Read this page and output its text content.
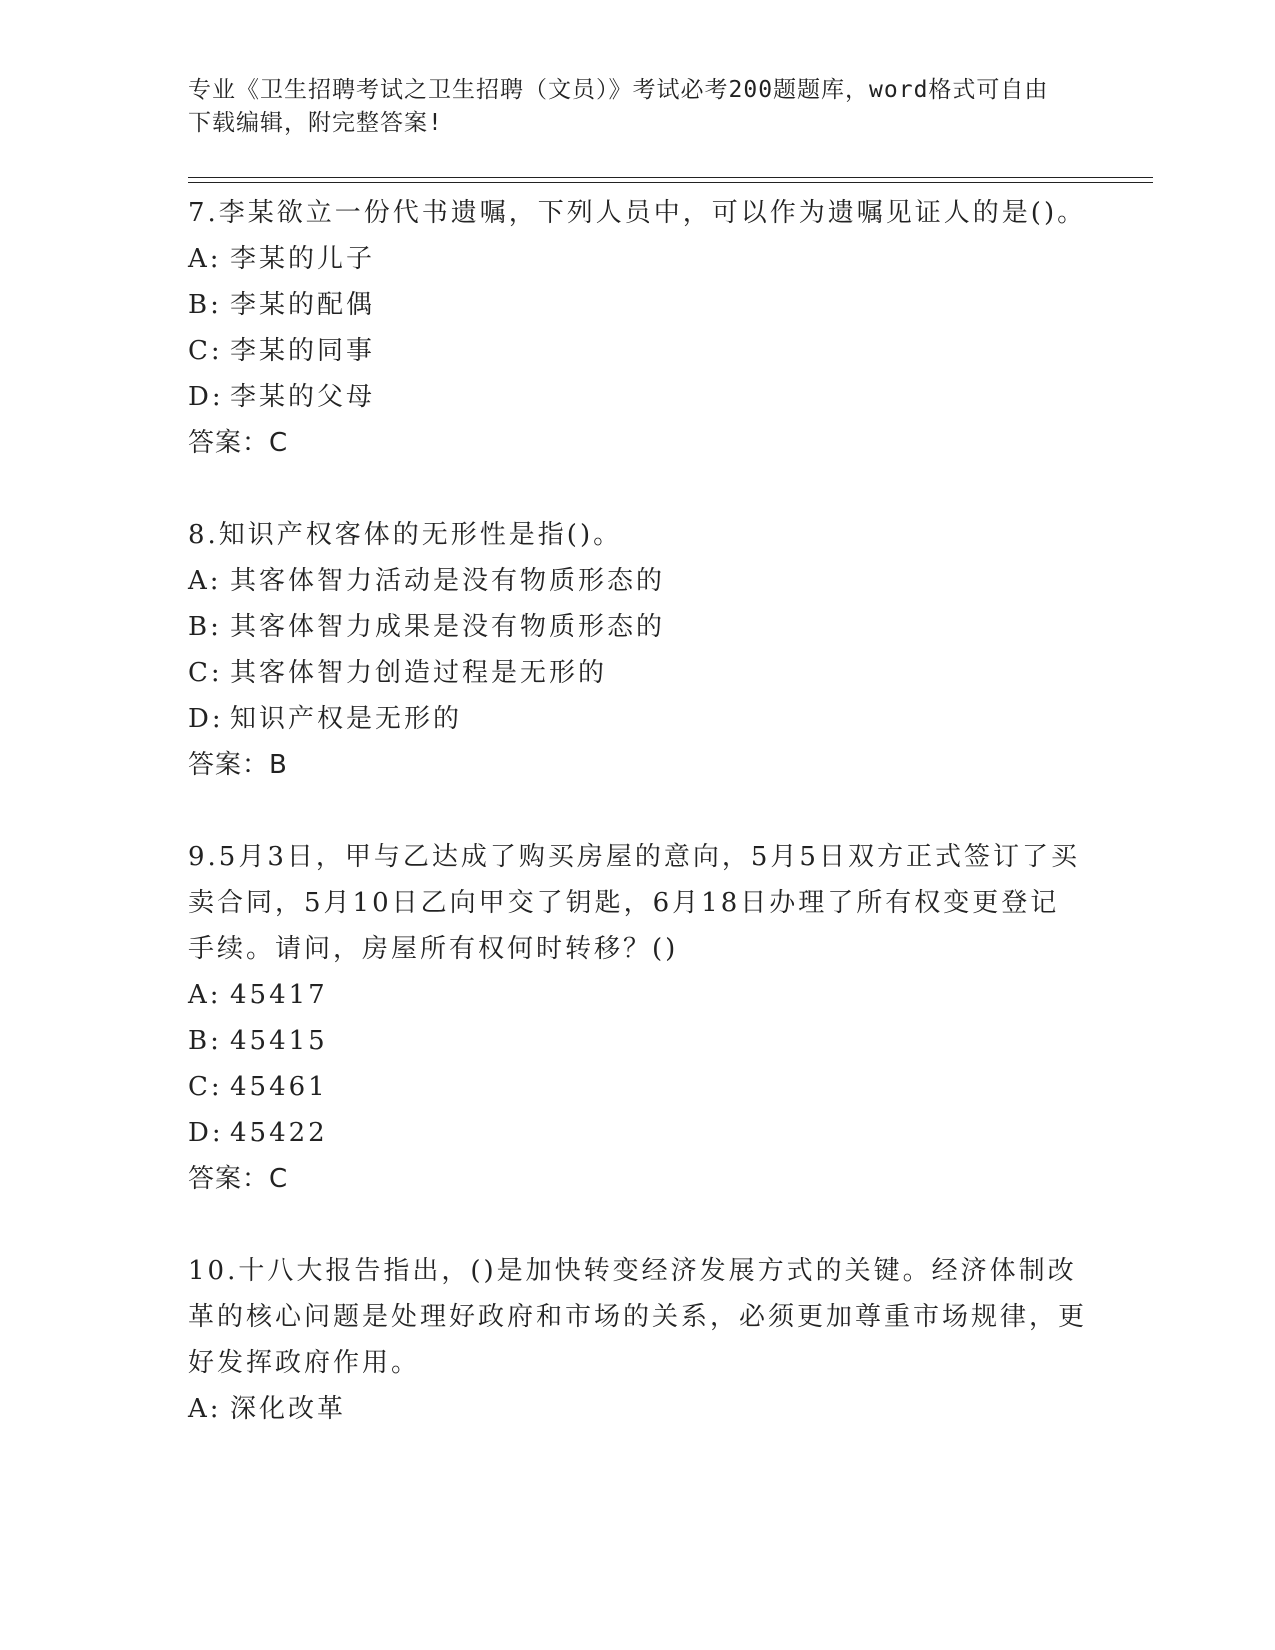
专业《卫生招聘考试之卫生招聘（文员）》考试必考200题题库，word格式可自由下载编辑，附完整答案!

7.李某欲立一份代书遗嘱，下列人员中，可以作为遗嘱见证人的是()。

A: 李某的儿子

B: 李某的配偶

C: 李某的同事

D: 李某的父母

答案：C

8.知识产权客体的无形性是指()。

A: 其客体智力活动是没有物质形态的

B: 其客体智力成果是没有物质形态的

C: 其客体智力创造过程是无形的

D: 知识产权是无形的

答案：B

9.5月3日，甲与乙达成了购买房屋的意向，5月5日双方正式签订了买卖合同，5月10日乙向甲交了钥匙，6月18日办理了所有权变更登记手续。请问，房屋所有权何时转移？()

A: 45417

B: 45415

C: 45461

D: 45422

答案：C

10.十八大报告指出，()是加快转变经济发展方式的关键。经济体制改革的核心问题是处理好政府和市场的关系，必须更加尊重市场规律，更好发挥政府作用。

A: 深化改革
